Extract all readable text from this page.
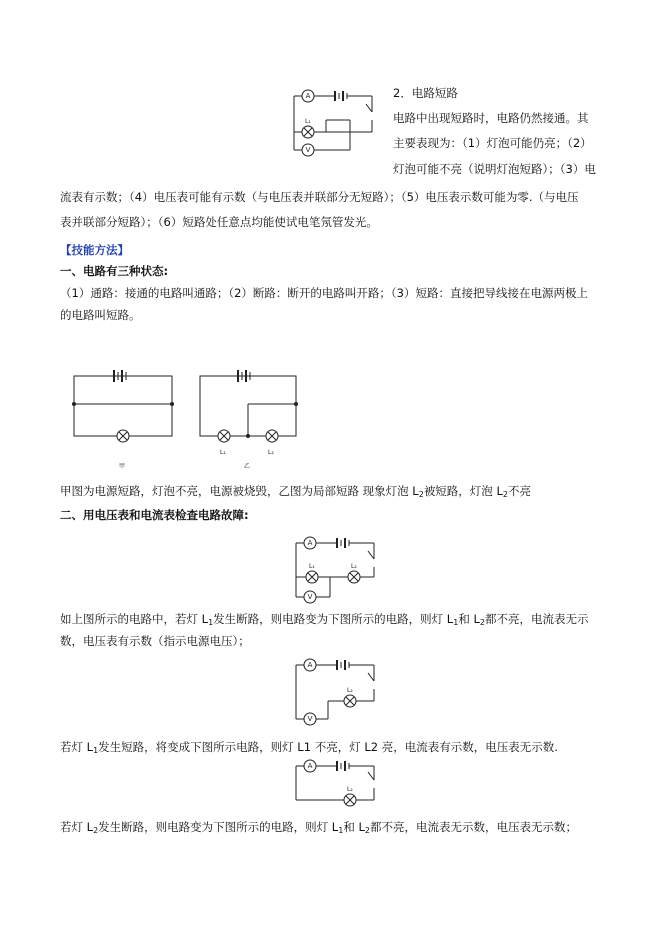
A
L₁
V
2．电路短路
电路中出现短路时，电路仍然接通。其
主要表现为：（1）灯泡可能仍亮；（2）
灯泡可能不亮（说明灯泡短路）；（3）电
流表有示数；（4）电压表可能有示数（与电压表并联部分无短路）；（5）电压表示数可能为零.（与电压
表并联部分短路）；（6）短路处任意点均能使试电笔氖管发光。
【技能方法】
一、电路有三种状态:
（1）通路：接通的电路叫通路；（2）断路：断开的电路叫开路；（3）短路：直接把导线接在电源两极上
的电路叫短路。
甲
L₁	L₂
乙
甲图为电源短路，灯泡不亮，电源被烧毁，乙图为局部短路 现象灯泡 $L_2$被短路，灯泡 $L_2$不亮
二、用电压表和电流表检查电路故障:
A
L₁	L₂
V
如上图所示的电路中，若灯 $L_1$发生断路，则电路变为下图所示的电路，则灯 $L_1$和 $L_2$都不亮，电流表无示
数，电压表有示数（指示电源电压）；
A
L₂
V
若灯 $L_1$发生短路，将变成下图所示电路，则灯 L1 不亮，灯 L2 亮，电流表有示数，电压表无示数.
A
L₂
若灯 $L_2$发生断路，则电路变为下图所示的电路，则灯 $L_1$和 $L_2$都不亮，电流表无示数，电压表无示数；
